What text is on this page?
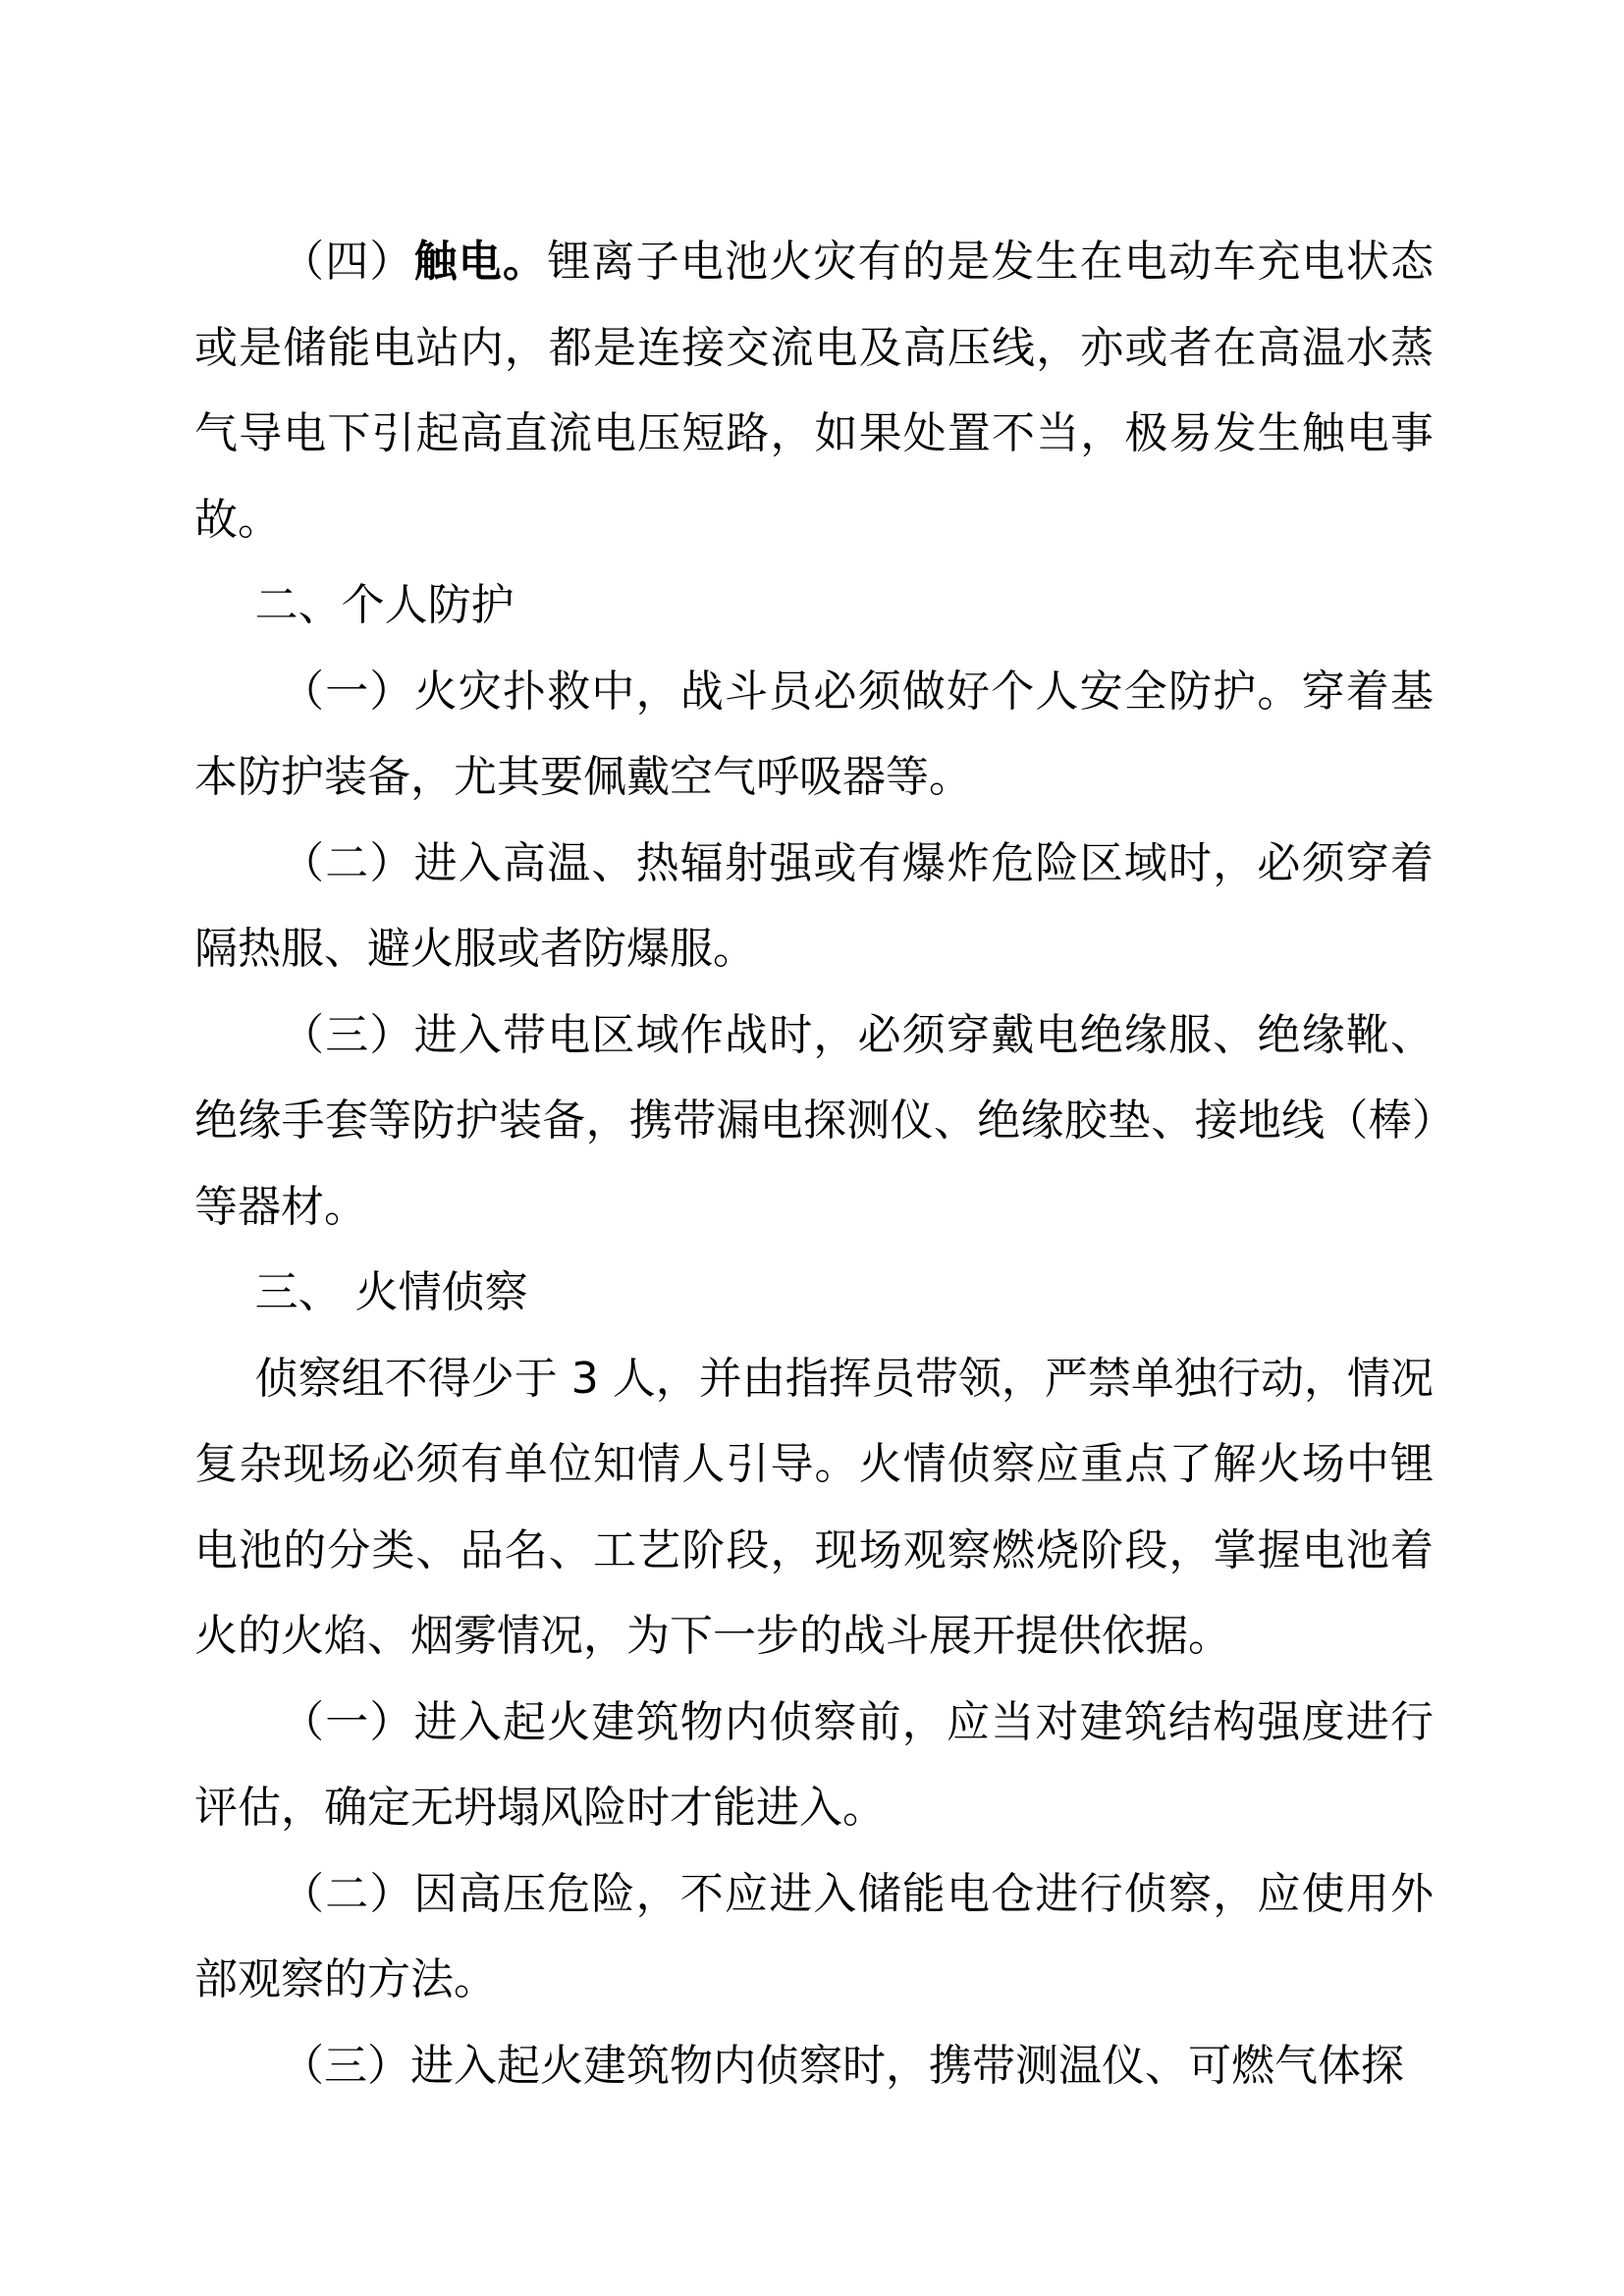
（四）触电。锂离子电池火灾有的是发生在电动车充电状态或是储能电站内，都是连接交流电及高压线，亦或者在高温水蒸气导电下引起高直流电压短路，如果处置不当，极易发生触电事故。

二、个人防护

（一）火灾扑救中，战斗员必须做好个人安全防护。穿着基本防护装备，尤其要佩戴空气呼吸器等。

（二）进入高温、热辐射强或有爆炸危险区域时，必须穿着隔热服、避火服或者防爆服。

（三）进入带电区域作战时，必须穿戴电绝缘服、绝缘靴、绝缘手套等防护装备，携带漏电探测仪、绝缘胶垫、接地线（棒）等器材。

三、 火情侦察

侦察组不得少于 3 人，并由指挥员带领，严禁单独行动，情况复杂现场必须有单位知情人引导。火情侦察应重点了解火场中锂电池的分类、品名、工艺阶段，现场观察燃烧阶段，掌握电池着火的火焰、烟雾情况，为下一步的战斗展开提供依据。

（一）进入起火建筑物内侦察前，应当对建筑结构强度进行评估，确定无坍塌风险时才能进入。

（二）因高压危险，不应进入储能电仓进行侦察，应使用外部观察的方法。

（三）进入起火建筑物内侦察时，携带测温仪、可燃气体探
